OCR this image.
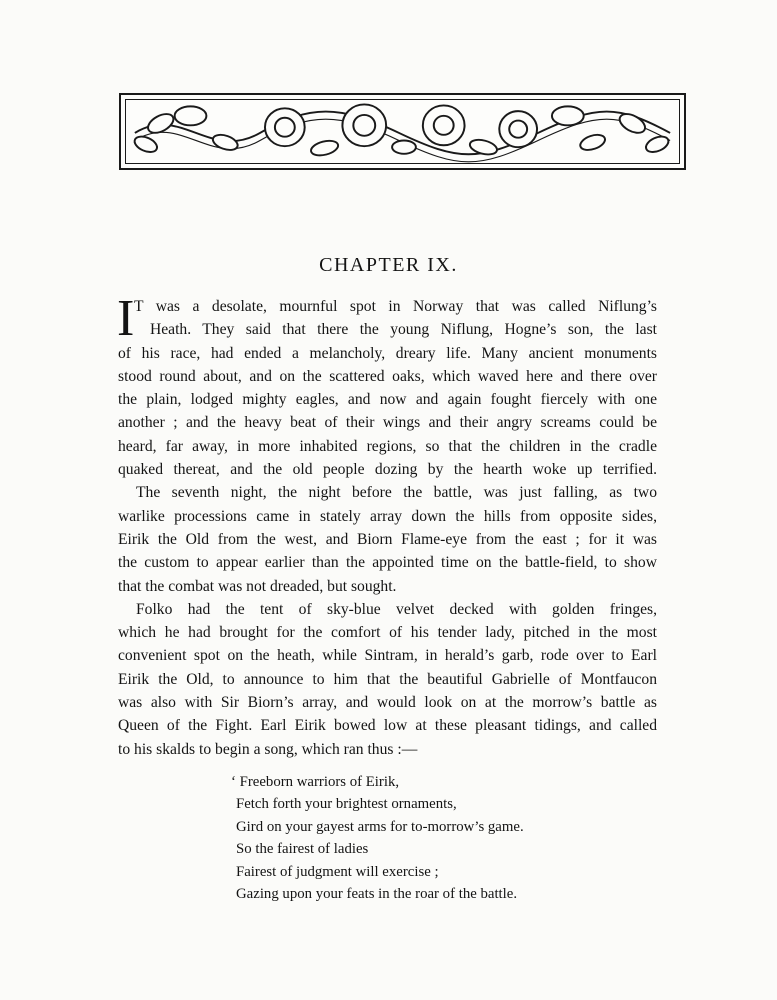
CHAPTER IX.
I T was a desolate, mournful spot in Norway that was called Niflung’s
Heath. They said that there the young Niflung, Hogne’s son, the last
of his race, had ended a melancholy, dreary life. Many ancient monuments
stood round about, and on the scattered oaks, which waved here and there over
the plain, lodged mighty eagles, and now and again fought fiercely with one
another ; and the heavy beat of their wings and their angry screams could be
heard, far away, in more inhabited regions, so that the children in the cradle
quaked thereat, and the old people dozing by the hearth woke up terrified.
The seventh night, the night before the battle, was just falling, as two
warlike processions came in stately array down the hills from opposite sides,
Eirik the Old from the west, and Biorn Flame-eye from the east ; for it was
the custom to appear earlier than the appointed time on the battle-field, to show
that the combat was not dreaded, but sought.
Folko had the tent of sky-blue velvet decked with golden fringes,
which he had brought for the comfort of his tender lady, pitched in the most
convenient spot on the heath, while Sintram, in herald’s garb, rode over to Earl
Eirik the Old, to announce to him that the beautiful Gabrielle of Montfaucon
was also with Sir Biorn’s array, and would look on at the morrow’s battle as
Queen of the Fight. Earl Eirik bowed low at these pleasant tidings, and called
to his skalds to begin a song, which ran thus :—
‘ Freeborn warriors of Eirik,
Fetch forth your brightest ornaments,
Gird on your gayest arms for to-morrow’s game.
So the fairest of ladies
Fairest of judgment will exercise ;
Gazing upon your feats in the roar of the battle.
